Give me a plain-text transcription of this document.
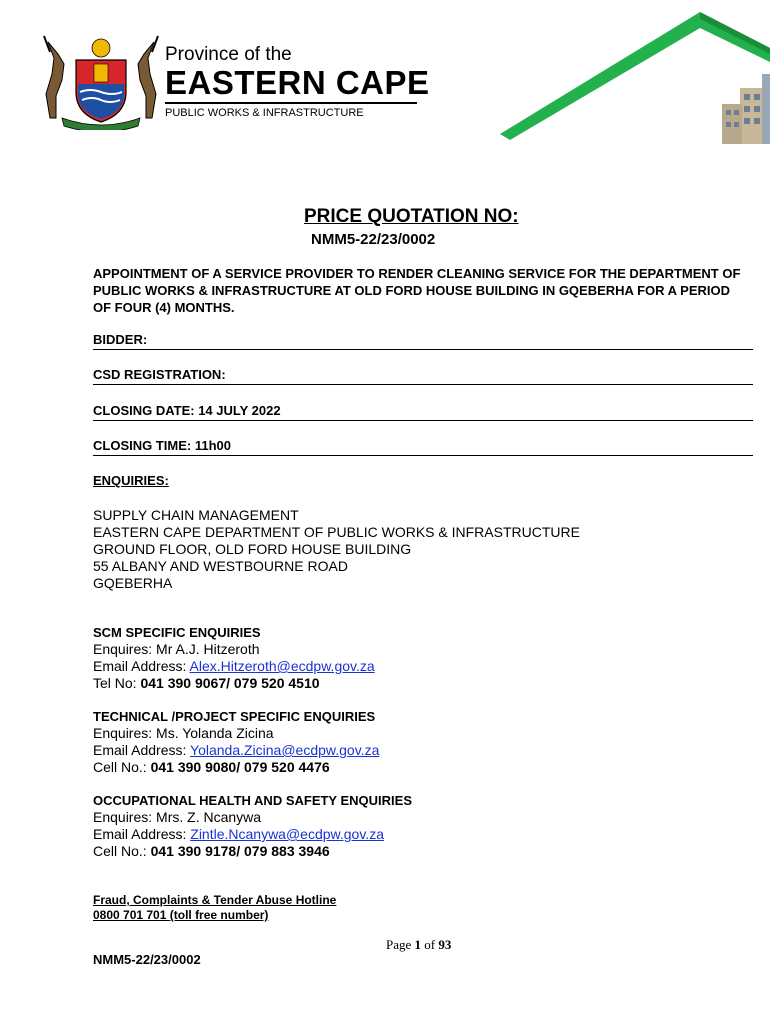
Province of the
EASTERN CAPE
PUBLIC WORKS & INFRASTRUCTURE
PRICE QUOTATION NO:
NMM5-22/23/0002
APPOINTMENT OF A SERVICE PROVIDER TO RENDER CLEANING SERVICE FOR THE DEPARTMENT OF PUBLIC WORKS & INFRASTRUCTURE AT OLD FORD HOUSE BUILDING IN GQEBERHA FOR A PERIOD OF FOUR (4) MONTHS.
BIDDER:
CSD REGISTRATION:
CLOSING DATE: 14 JULY 2022
CLOSING TIME: 11h00
ENQUIRIES:
SUPPLY CHAIN MANAGEMENT
EASTERN CAPE DEPARTMENT OF PUBLIC WORKS & INFRASTRUCTURE
GROUND FLOOR, OLD FORD HOUSE BUILDING
55 ALBANY AND WESTBOURNE ROAD
GQEBERHA
SCM SPECIFIC ENQUIRIES
Enquires: Mr A.J. Hitzeroth
Email Address: Alex.Hitzeroth@ecdpw.gov.za
Tel No: 041 390 9067/ 079 520 4510
TECHNICAL /PROJECT SPECIFIC ENQUIRIES
Enquires: Ms. Yolanda Zicina
Email Address: Yolanda.Zicina@ecdpw.gov.za
Cell No.: 041 390 9080/ 079 520 4476
OCCUPATIONAL HEALTH AND SAFETY ENQUIRIES
Enquires: Mrs. Z. Ncanywa
Email Address: Zintle.Ncanywa@ecdpw.gov.za
Cell No.: 041 390 9178/ 079 883 3946
Fraud, Complaints & Tender Abuse Hotline
0800 701 701 (toll free number)
Page 1 of 93
NMM5-22/23/0002
